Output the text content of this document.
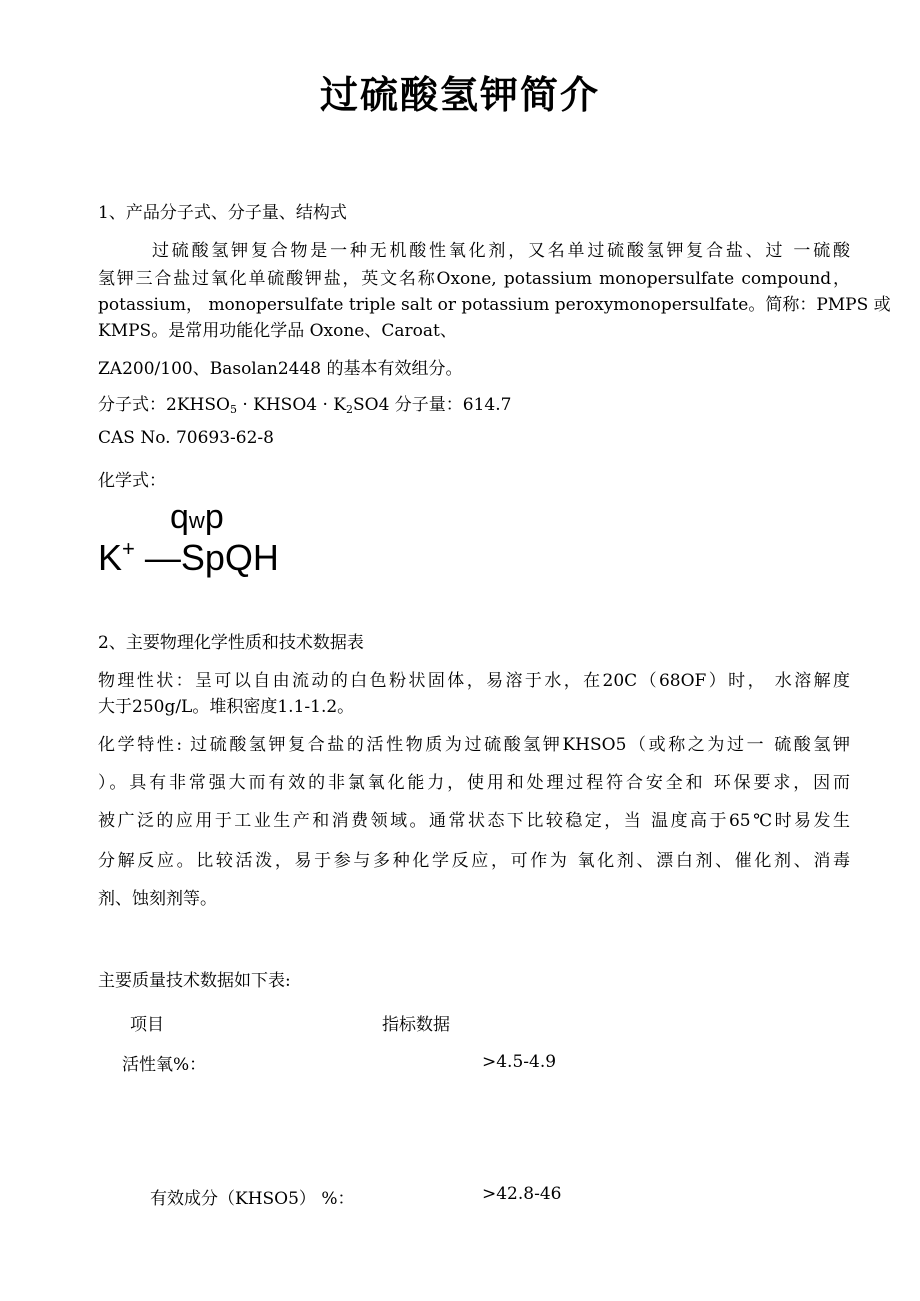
过硫酸氢钾简介
1、产品分子式、分子量、结构式
过硫酸氢钾复合物是一种无机酸性氧化剂，又名单过硫酸氢钾复合盐、过 一硫酸
氢钾三合盐过氧化单硫酸钾盐，英文名称Oxone, potassium monopersulfate compound，
potassium， monopersulfate triple salt or potassium peroxymonopersulfate。简称：PMPS 或
KMPS。是常用功能化学品 Oxone、Caroat、
ZA200/100、Basolan2448 的基本有效组分。
分子式：$2KHSO_5$ · KHSO4 · $K_2SO4$ 分子量：614.7
CAS No. 70693-62-8
化学式：
qwp
K+ —SpQH
2、主要物理化学性质和技术数据表
物理性状：呈可以自由流动的白色粉状固体，易溶于水，在20C（68OF）时， 水溶解度
大于250g/L。堆积密度1.1-1.2。
化学特性: 过硫酸氢钾复合盐的活性物质为过硫酸氢钾KHSO5（或称之为过一 硫酸氢钾
）。具有非常强大而有效的非氯氧化能力，使用和处理过程符合安全和 环保要求，因而
被广泛的应用于工业生产和消费领域。通常状态下比较稳定，当 温度高于65℃时易发生
分解反应。比较活泼，易于参与多种化学反应，可作为 氧化剂、漂白剂、催化剂、消毒
剂、蚀刻剂等。
主要质量技术数据如下表:
项目	指标数据
活性氧%：	>4.5-4.9
有效成分（KHSO5） %：	>42.8-46
